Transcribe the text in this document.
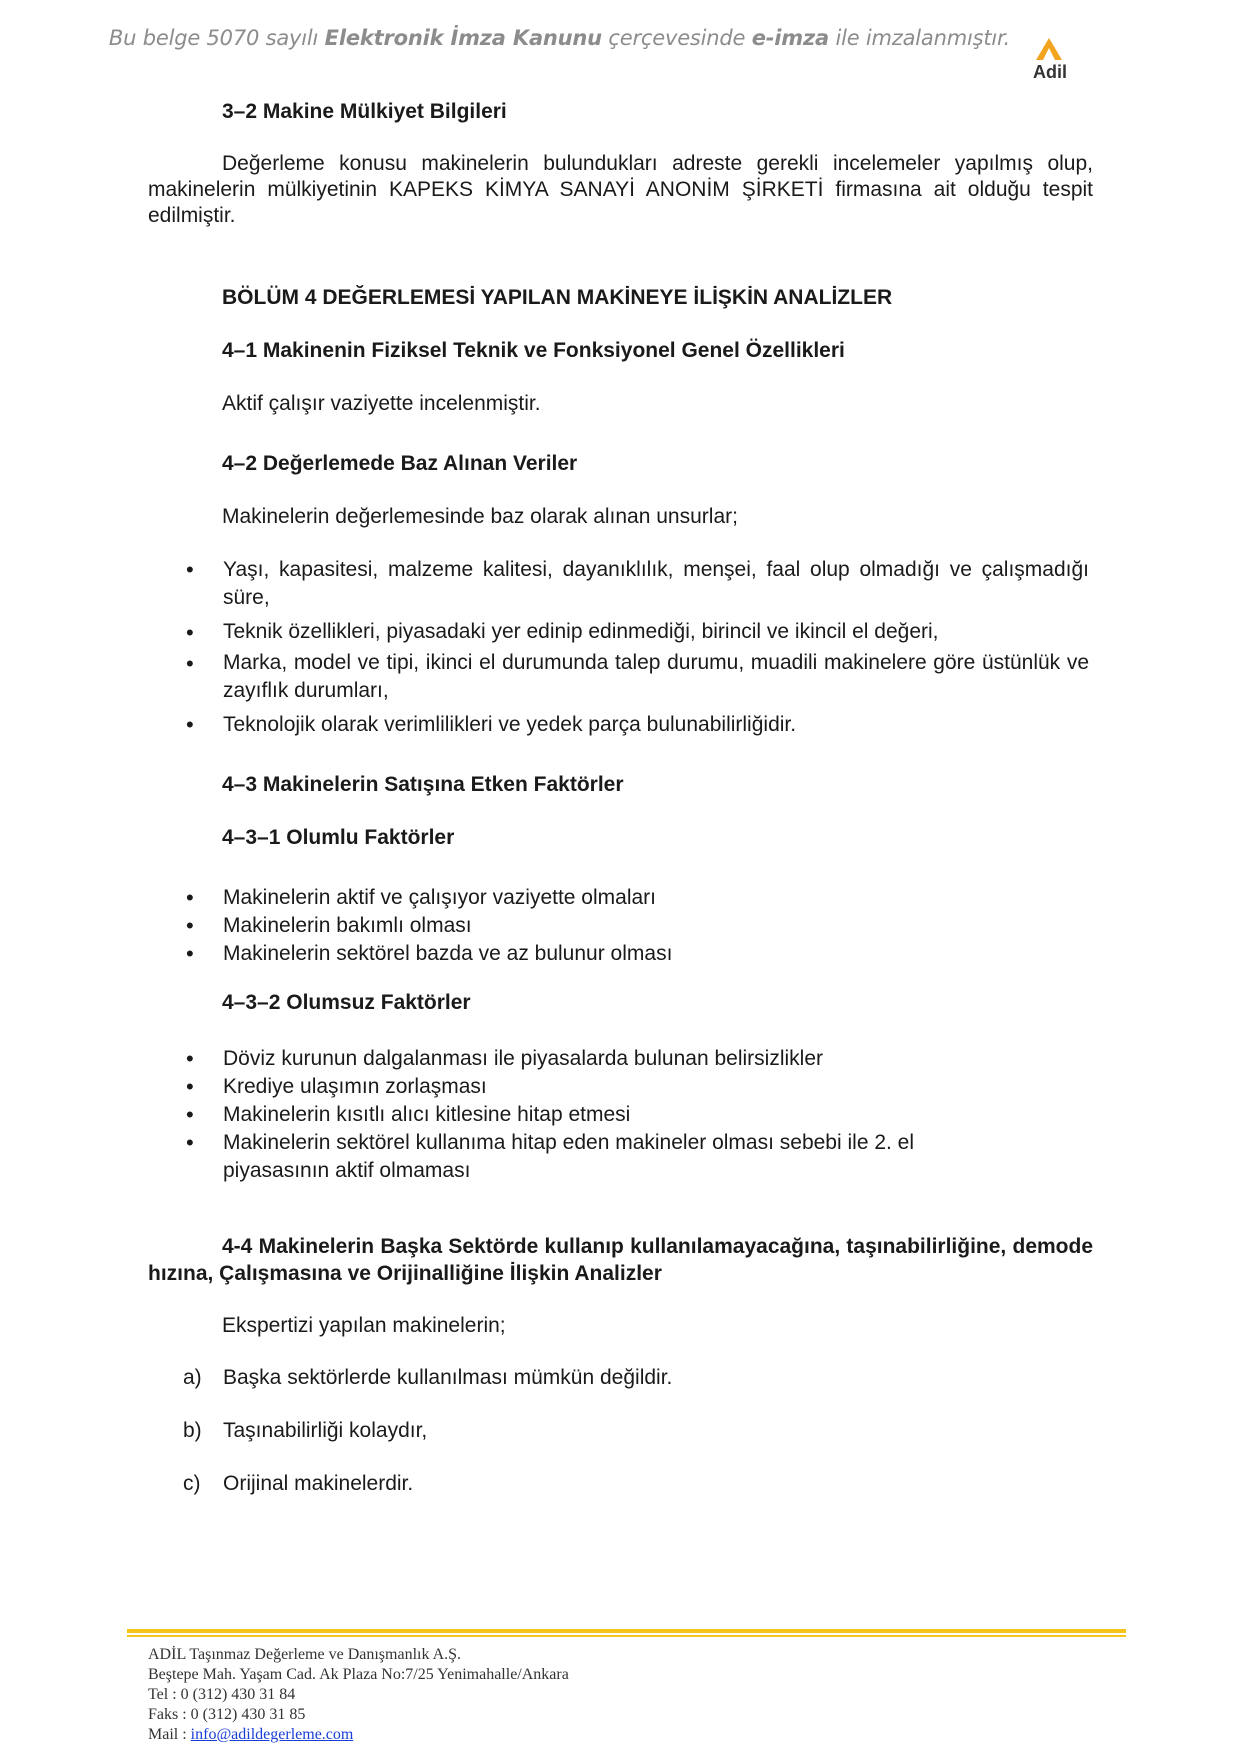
Bu belge 5070 sayılı Elektronik İmza Kanunu çerçevesinde e-imza ile imzalanmıştır.
Adil
3–2 Makine Mülkiyet Bilgileri
Değerleme konusu makinelerin bulundukları adreste gerekli incelemeler yapılmış olup, makinelerin mülkiyetinin KAPEKS KİMYA SANAYİ ANONİM ŞİRKETİ firmasına ait olduğu tespit edilmiştir.
BÖLÜM 4 DEĞERLEMESİ YAPILAN MAKİNEYE İLİŞKİN ANALİZLER
4–1 Makinenin Fiziksel Teknik ve Fonksiyonel Genel Özellikleri
Aktif çalışır vaziyette incelenmiştir.
4–2 Değerlemede Baz Alınan Veriler
Makinelerin değerlemesinde baz olarak alınan unsurlar;
• Yaşı, kapasitesi, malzeme kalitesi, dayanıklılık, menşei, faal olup olmadığı ve çalışmadığı süre,
• Teknik özellikleri, piyasadaki yer edinip edinmediği, birincil ve ikincil el değeri,
• Marka, model ve tipi, ikinci el durumunda talep durumu, muadili makinelere göre üstünlük ve zayıflık durumları,
• Teknolojik olarak verimlilikleri ve yedek parça bulunabilirliğidir.
4–3 Makinelerin Satışına Etken Faktörler
4–3–1 Olumlu Faktörler
• Makinelerin aktif ve çalışıyor vaziyette olmaları
• Makinelerin bakımlı olması
• Makinelerin sektörel bazda ve az bulunur olması
4–3–2 Olumsuz Faktörler
• Döviz kurunun dalgalanması ile piyasalarda bulunan belirsizlikler
• Krediye ulaşımın zorlaşması
• Makinelerin kısıtlı alıcı kitlesine hitap etmesi
• Makinelerin sektörel kullanıma hitap eden makineler olması sebebi ile 2. el piyasasının aktif olmaması
4-4 Makinelerin Başka Sektörde kullanıp kullanılamayacağına, taşınabilirliğine, demode hızına, Çalışmasına ve Orijinalliğine İlişkin Analizler
Ekspertizi yapılan makinelerin;
a) Başka sektörlerde kullanılması mümkün değildir.
b) Taşınabilirliği kolaydır,
c) Orijinal makinelerdir.
ADİL Taşınmaz Değerleme ve Danışmanlık A.Ş.
Beştepe Mah. Yaşam Cad. Ak Plaza No:7/25 Yenimahalle/Ankara
Tel : 0 (312) 430 31 84
Faks : 0 (312) 430 31 85
Mail : info@adildegerleme.com
